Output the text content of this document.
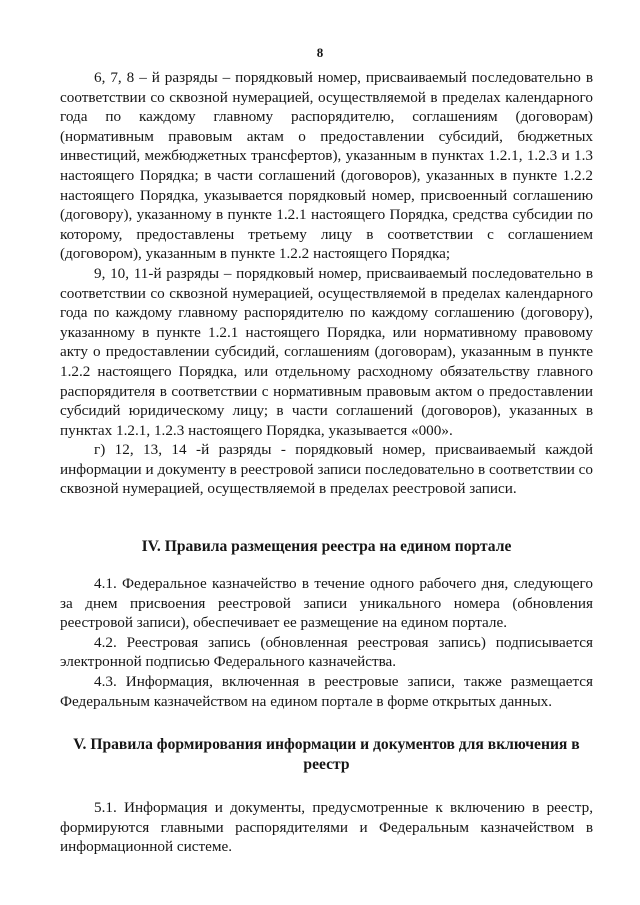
8

6, 7, 8 – й разряды – порядковый номер, присваиваемый последовательно в соответствии со сквозной нумерацией, осуществляемой в пределах календарного года по каждому главному распорядителю, соглашениям (договорам) (нормативным правовым актам о предоставлении субсидий, бюджетных инвестиций, межбюджетных трансфертов), указанным в пунктах 1.2.1, 1.2.3 и 1.3 настоящего Порядка; в части соглашений (договоров), указанных в пункте 1.2.2 настоящего Порядка, указывается порядковый номер, присвоенный соглашению (договору), указанному в пункте 1.2.1 настоящего Порядка, средства субсидии по которому, предоставлены третьему лицу в соответствии с соглашением (договором), указанным в пункте 1.2.2 настоящего Порядка;

9, 10, 11-й разряды – порядковый номер, присваиваемый последовательно в соответствии со сквозной нумерацией, осуществляемой в пределах календарного года по каждому главному распорядителю по каждому соглашению (договору), указанному в пункте 1.2.1 настоящего Порядка, или нормативному правовому акту о предоставлении субсидий, соглашениям (договорам), указанным в пункте 1.2.2 настоящего Порядка, или отдельному расходному обязательству главного распорядителя в соответствии с нормативным правовым актом о предоставлении субсидий юридическому лицу; в части соглашений (договоров), указанных в пунктах 1.2.1, 1.2.3 настоящего Порядка, указывается «000».

г) 12, 13, 14 -й разряды - порядковый номер, присваиваемый каждой информации и документу в реестровой записи последовательно в соответствии со сквозной нумерацией, осуществляемой в пределах реестровой записи.

IV. Правила размещения реестра на едином портале

4.1. Федеральное казначейство в течение одного рабочего дня, следующего за днем присвоения реестровой записи уникального номера (обновления реестровой записи), обеспечивает ее размещение на едином портале.

4.2. Реестровая запись (обновленная реестровая запись) подписывается электронной подписью Федерального казначейства.

4.3. Информация, включенная в реестровые записи, также размещается Федеральным казначейством на едином портале в форме открытых данных.

V. Правила формирования информации и документов для включения в реестр

5.1. Информация и документы, предусмотренные к включению в реестр, формируются главными распорядителями и Федеральным казначейством в информационной системе.
